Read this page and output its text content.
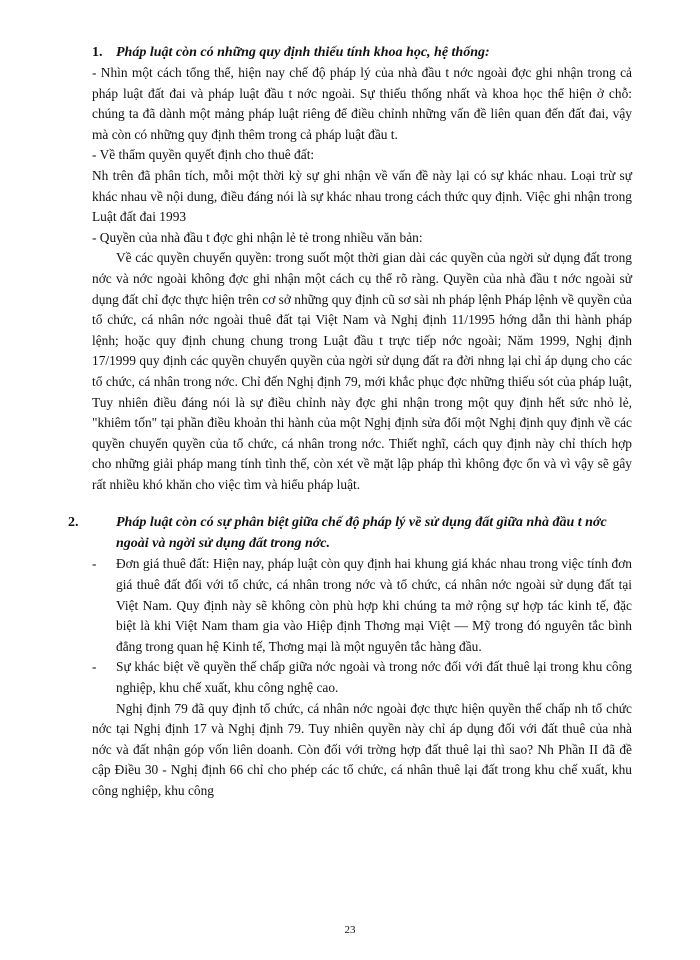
1. Pháp luật còn có những quy định thiếu tính khoa học, hệ thống:

- Nhìn một cách tổng thể, hiện nay chế độ pháp lý của nhà đầu t nớc ngoài đợc ghi nhận trong cả pháp luật đất đai và pháp luật đầu t nớc ngoài. Sự thiếu thống nhất và khoa học thể hiện ở chỗ: chúng ta đã dành một mảng pháp luật riêng để điều chỉnh những vấn đề liên quan đến đất đai, vậy mà còn có những quy định thêm trong cả pháp luật đầu t.

- Về thẩm quyền quyết định cho thuê đất:

Nh trên đã phân tích, mỗi một thời kỳ sự ghi nhận về vấn đề này lại có sự khác nhau. Loại trừ sự khác nhau về nội dung, điều đáng nói là sự khác nhau trong cách thức quy định. Việc ghi nhận trong Luật đất đai 1993

- Quyền của nhà đầu t đợc ghi nhận lẻ tẻ trong nhiều văn bản:

Về các quyền chuyển quyền: trong suốt một thời gian dài các quyền của ngời sử dụng đất trong nớc và nớc ngoài không đợc ghi nhận một cách cụ thể rõ ràng. Quyền của nhà đầu t nớc ngoài sử dụng đất chỉ đợc thực hiện trên cơ sở những quy định cũ sơ sài nh pháp lệnh Pháp lệnh về quyền của tổ chức, cá nhân nớc ngoài thuê đất tại Việt Nam và Nghị định 11/1995 hớng dẫn thi hành pháp lệnh; hoặc quy định chung chung trong Luật đầu t trực tiếp nớc ngoài; Năm 1999, Nghị định 17/1999 quy định các quyền chuyển quyền của ngời sử dụng đất ra đời nhng lại chỉ áp dụng cho các tổ chức, cá nhân trong nớc. Chỉ đến Nghị định 79, mới khắc phục đợc những thiếu sót của pháp luật, Tuy nhiên điều đáng nói là sự điều chỉnh này đợc ghi nhận trong một quy định hết sức nhỏ lẻ, "khiêm tốn" tại phần điều khoản thi hành của một Nghị định sửa đổi một Nghị định quy định về các quyền chuyển quyền của tổ chức, cá nhân trong nớc. Thiết nghĩ, cách quy định này chỉ thích hợp cho những giải pháp mang tính tình thế, còn xét về mặt lập pháp thì không đợc ổn và vì vậy sẽ gây rất nhiều khó khăn cho việc tìm và hiểu pháp luật.

2.	Pháp luật còn có sự phân biệt giữa chế độ pháp lý về sử dụng đất giữa nhà đầu t nớc ngoài và ngời sử dụng đất trong nớc.

- Đơn giá thuê đất: Hiện nay, pháp luật còn quy định hai khung giá khác nhau trong việc tính đơn giá thuê đất đối với tổ chức, cá nhân trong nớc và tổ chức, cá nhân nớc ngoài sử dụng đất tại Việt Nam. Quy định này sẽ không còn phù hợp khi chúng ta mở rộng sự hợp tác kinh tế, đặc biệt là khi Việt Nam tham gia vào Hiệp định Thơng mại Việt — Mỹ trong đó nguyên tắc bình đẳng trong quan hệ Kinh tế, Thơng mại là một nguyên tắc hàng đầu.
- Sự khác biệt về quyền thế chấp giữa nớc ngoài và trong nớc đối với đất thuê lại trong khu công nghiệp, khu chế xuất, khu công nghệ cao.

Nghị định 79 đã quy định tổ chức, cá nhân nớc ngoài đợc thực hiện quyền thế chấp nh tổ chức nớc tại Nghị định 17 và Nghị định 79. Tuy nhiên quyền này chỉ áp dụng đối với đất thuê của nhà nớc và đất nhận góp vốn liên doanh. Còn đối với trờng hợp đất thuê lại thì sao? Nh Phần II đã đề cập Điều 30 - Nghị định 66 chỉ cho phép các tổ chức, cá nhân thuê lại đất trong khu chế xuất, khu công nghiệp, khu công

23
